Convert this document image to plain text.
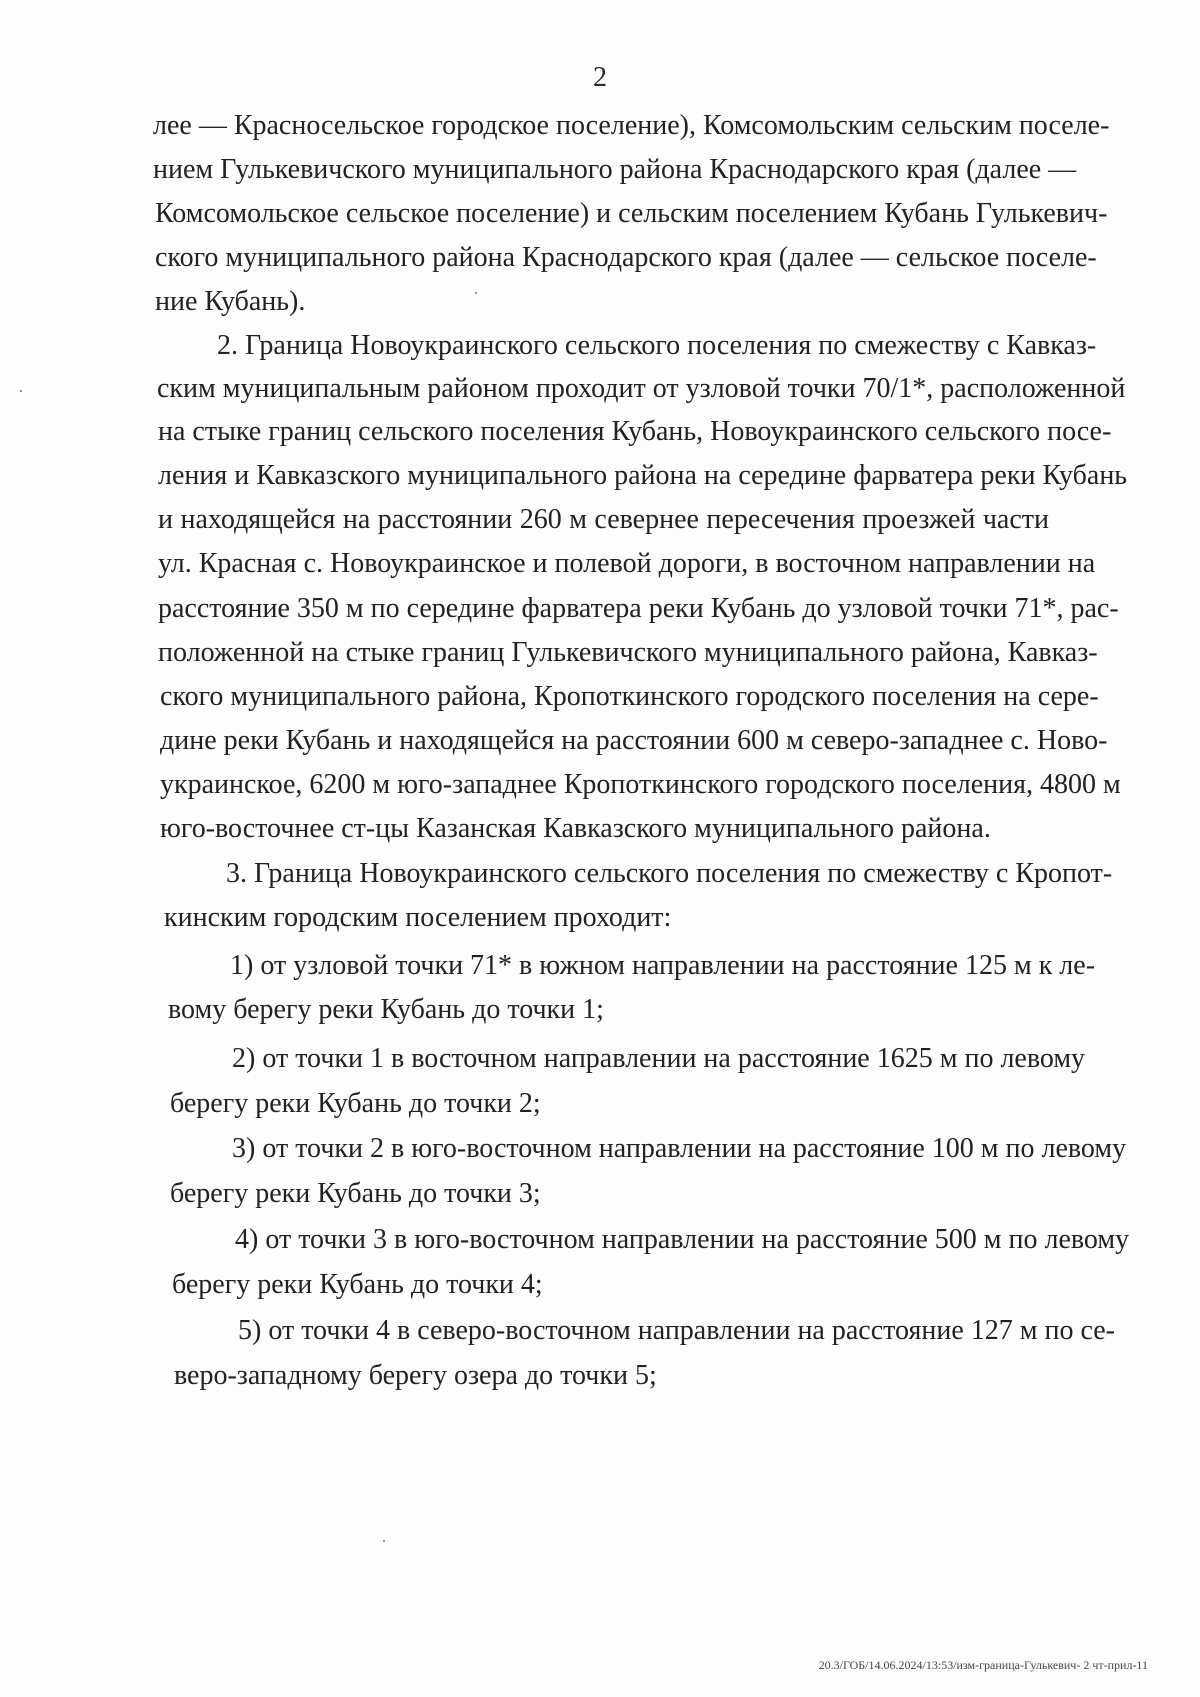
2
лее — Красносельское городское поселение), Комсомольским сельским поселе-
нием Гулькевичского муниципального района Краснодарского края (далее —
Комсомольское сельское поселение) и сельским поселением Кубань Гулькевич-
ского муниципального района Краснодарского края (далее — сельское поселе-
ние Кубань).
2. Граница Новоукраинского сельского поселения по смежеству с Кавказ-
ским муниципальным районом проходит от узловой точки 70/1*, расположенной
на стыке границ сельского поселения Кубань, Новоукраинского сельского посе-
ления и Кавказского муниципального района на середине фарватера реки Кубань
и находящейся на расстоянии 260 м севернее пересечения проезжей части
ул. Красная с. Новоукраинское и полевой дороги, в восточном направлении на
расстояние 350 м по середине фарватера реки Кубань до узловой точки 71*, рас-
положенной на стыке границ Гулькевичского муниципального района, Кавказ-
ского муниципального района, Кропоткинского городского поселения на сере-
дине реки Кубань и находящейся на расстоянии 600 м северо-западнее с. Ново-
украинское, 6200 м юго-западнее Кропоткинского городского поселения, 4800 м
юго-восточнее ст-цы Казанская Кавказского муниципального района.
3. Граница Новоукраинского сельского поселения по смежеству с Кропот-
кинским городским поселением проходит:
1) от узловой точки 71* в южном направлении на расстояние 125 м к ле-
вому берегу реки Кубань до точки 1;
2) от точки 1 в восточном направлении на расстояние 1625 м по левому
берегу реки Кубань до точки 2;
3) от точки 2 в юго-восточном направлении на расстояние 100 м по левому
берегу реки Кубань до точки 3;
4) от точки 3 в юго-восточном направлении на расстояние 500 м по левому
берегу реки Кубань до точки 4;
5) от точки 4 в северо-восточном направлении на расстояние 127 м по се-
веро-западному берегу озера до точки 5;
20.3/ГОБ/14.06.2024/13:53/изм-граница-Гулькевич- 2 чт-прил-11
